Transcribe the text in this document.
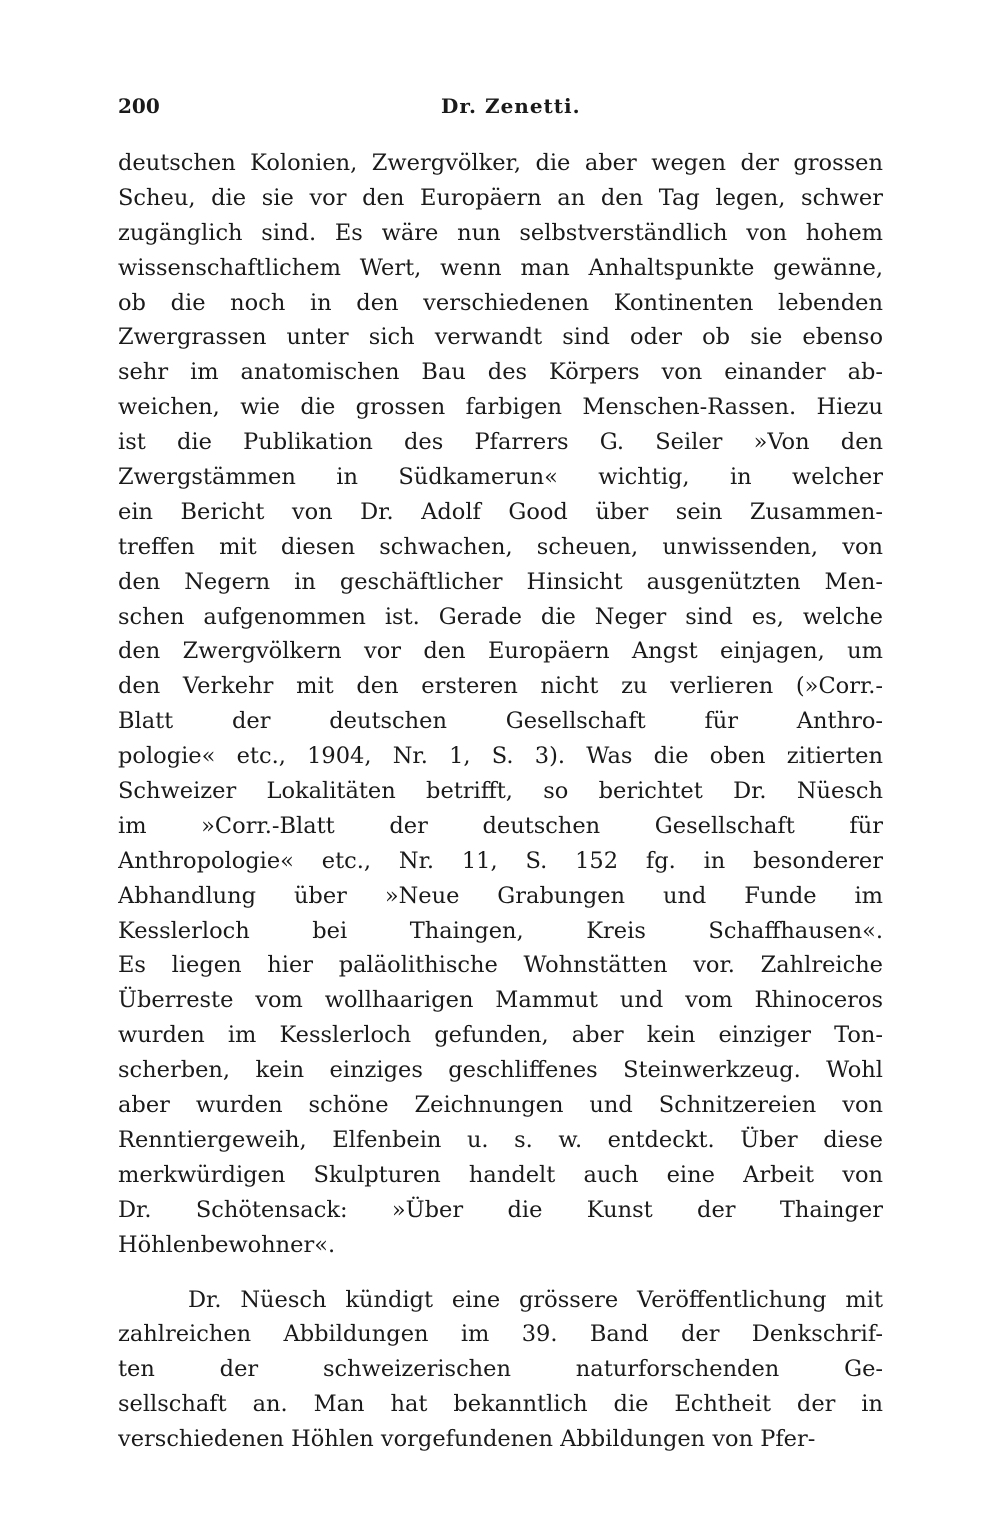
200	Dr. Zenetti.
deutschen Kolonien, Zwergvölker, die aber wegen der grossen
Scheu, die sie vor den Europäern an den Tag legen, schwer
zugänglich sind. Es wäre nun selbstverständlich von hohem
wissenschaftlichem Wert, wenn man Anhaltspunkte gewänne,
ob die noch in den verschiedenen Kontinenten lebenden
Zwergrassen unter sich verwandt sind oder ob sie ebenso
sehr im anatomischen Bau des Körpers von einander ab-
weichen, wie die grossen farbigen Menschen-Rassen. Hiezu
ist die Publikation des Pfarrers G. Seiler »Von den
Zwergstämmen in Südkamerun« wichtig, in welcher
ein Bericht von Dr. Adolf Good über sein Zusammen-
treffen mit diesen schwachen, scheuen, unwissenden, von
den Negern in geschäftlicher Hinsicht ausgenützten Men-
schen aufgenommen ist. Gerade die Neger sind es, welche
den Zwergvölkern vor den Europäern Angst einjagen, um
den Verkehr mit den ersteren nicht zu verlieren (»Corr.-
Blatt der deutschen Gesellschaft für Anthro-
pologie« etc., 1904, Nr. 1, S. 3). Was die oben zitierten
Schweizer Lokalitäten betrifft, so berichtet Dr. Nüesch
im »Corr.-Blatt der deutschen Gesellschaft für
Anthropologie« etc., Nr. 11, S. 152 fg. in besonderer
Abhandlung über »Neue Grabungen und Funde im
Kesslerloch bei Thaingen, Kreis Schaffhausen«.
Es liegen hier paläolithische Wohnstätten vor. Zahlreiche
Überreste vom wollhaarigen Mammut und vom Rhinoceros
wurden im Kesslerloch gefunden, aber kein einziger Ton-
scherben, kein einziges geschliffenes Steinwerkzeug. Wohl
aber wurden schöne Zeichnungen und Schnitzereien von
Renntiergeweih, Elfenbein u. s. w. entdeckt. Über diese
merkwürdigen Skulpturen handelt auch eine Arbeit von
Dr. Schötensack: »Über die Kunst der Thainger
Höhlenbewohner«.
Dr. Nüesch kündigt eine grössere Veröffentlichung mit
zahlreichen Abbildungen im 39. Band der Denkschrif-
ten der schweizerischen naturforschenden Ge-
sellschaft an. Man hat bekanntlich die Echtheit der in
verschiedenen Höhlen vorgefundenen Abbildungen von Pfer-
